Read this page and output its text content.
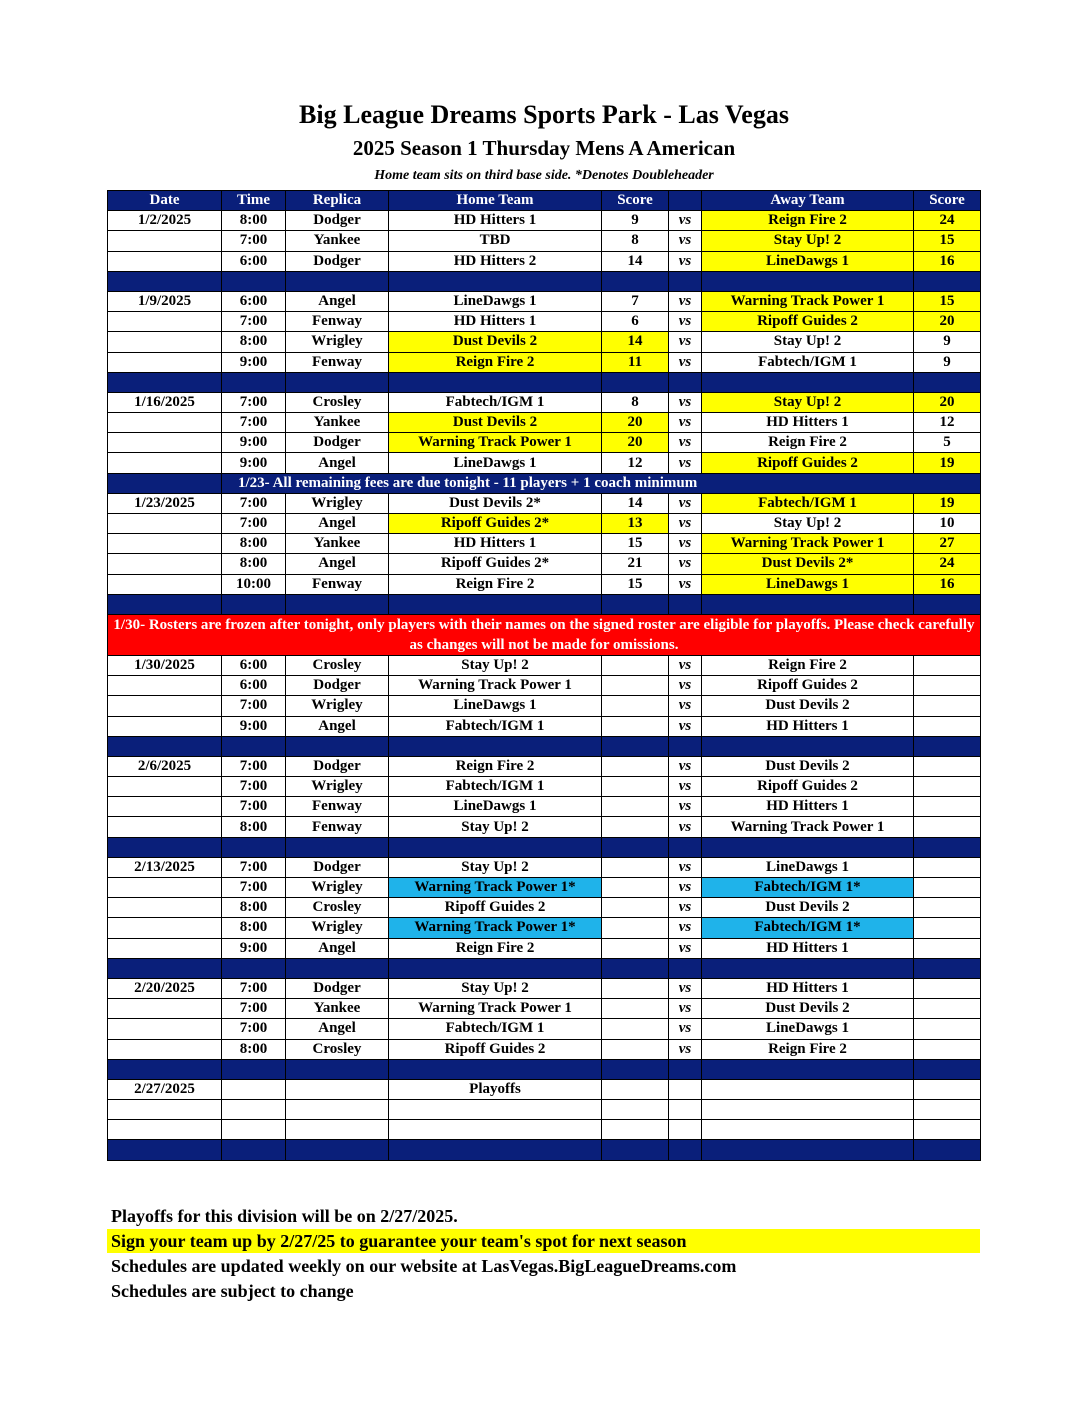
Big League Dreams Sports Park - Las Vegas
2025 Season 1 Thursday Mens A American
Home team sits on third base side. *Denotes Doubleheader
Date	Time	Replica	Home Team	Score		Away Team	Score
1/2/2025	8:00	Dodger	HD Hitters 1	9	vs	Reign Fire 2	24
	7:00	Yankee	TBD	8	vs	Stay Up! 2	15
	6:00	Dodger	HD Hitters 2	14	vs	LineDawgs 1	16

1/9/2025	6:00	Angel	LineDawgs 1	7	vs	Warning Track Power 1	15
	7:00	Fenway	HD Hitters 1	6	vs	Ripoff Guides 2	20
	8:00	Wrigley	Dust Devils 2	14	vs	Stay Up! 2	9
	9:00	Fenway	Reign Fire 2	11	vs	Fabtech/IGM 1	9

1/16/2025	7:00	Crosley	Fabtech/IGM 1	8	vs	Stay Up! 2	20
	7:00	Yankee	Dust Devils 2	20	vs	HD Hitters 1	12
	9:00	Dodger	Warning Track Power 1	20	vs	Reign Fire 2	5
	9:00	Angel	LineDawgs 1	12	vs	Ripoff Guides 2	19
	1/23- All remaining fees are due tonight - 11 players + 1 coach minimum						
1/23/2025	7:00	Wrigley	Dust Devils 2*	14	vs	Fabtech/IGM 1	19
	7:00	Angel	Ripoff Guides 2*	13	vs	Stay Up! 2	10
	8:00	Yankee	HD Hitters 1	15	vs	Warning Track Power 1	27
	8:00	Angel	Ripoff Guides 2*	21	vs	Dust Devils 2*	24
	10:00	Fenway	Reign Fire 2	15	vs	LineDawgs 1	16

1/30- Rosters are frozen after tonight, only players with their names on the signed roster are eligible for playoffs. Please check carefully as changes will not be made for omissions.							
1/30/2025	6:00	Crosley	Stay Up! 2		vs	Reign Fire 2	
	6:00	Dodger	Warning Track Power 1		vs	Ripoff Guides 2	
	7:00	Wrigley	LineDawgs 1		vs	Dust Devils 2	
	9:00	Angel	Fabtech/IGM 1		vs	HD Hitters 1	

2/6/2025	7:00	Dodger	Reign Fire 2		vs	Dust Devils 2	
	7:00	Wrigley	Fabtech/IGM 1		vs	Ripoff Guides 2	
	7:00	Fenway	LineDawgs 1		vs	HD Hitters 1	
	8:00	Fenway	Stay Up! 2		vs	Warning Track Power 1	

2/13/2025	7:00	Dodger	Stay Up! 2		vs	LineDawgs 1	
	7:00	Wrigley	Warning Track Power 1*		vs	Fabtech/IGM 1*	
	8:00	Crosley	Ripoff Guides 2		vs	Dust Devils 2	
	8:00	Wrigley	Warning Track Power 1*		vs	Fabtech/IGM 1*	
	9:00	Angel	Reign Fire 2		vs	HD Hitters 1	

2/20/2025	7:00	Dodger	Stay Up! 2		vs	HD Hitters 1	
	7:00	Yankee	Warning Track Power 1		vs	Dust Devils 2	
	7:00	Angel	Fabtech/IGM 1		vs	LineDawgs 1	
	8:00	Crosley	Ripoff Guides 2		vs	Reign Fire 2	

2/27/2025			Playoffs				

Playoffs for this division will be on 2/27/2025.
Sign your team up by 2/27/25 to guarantee your team's spot for next season
Schedules are updated weekly on our website at LasVegas.BigLeagueDreams.com
Schedules are subject to change
